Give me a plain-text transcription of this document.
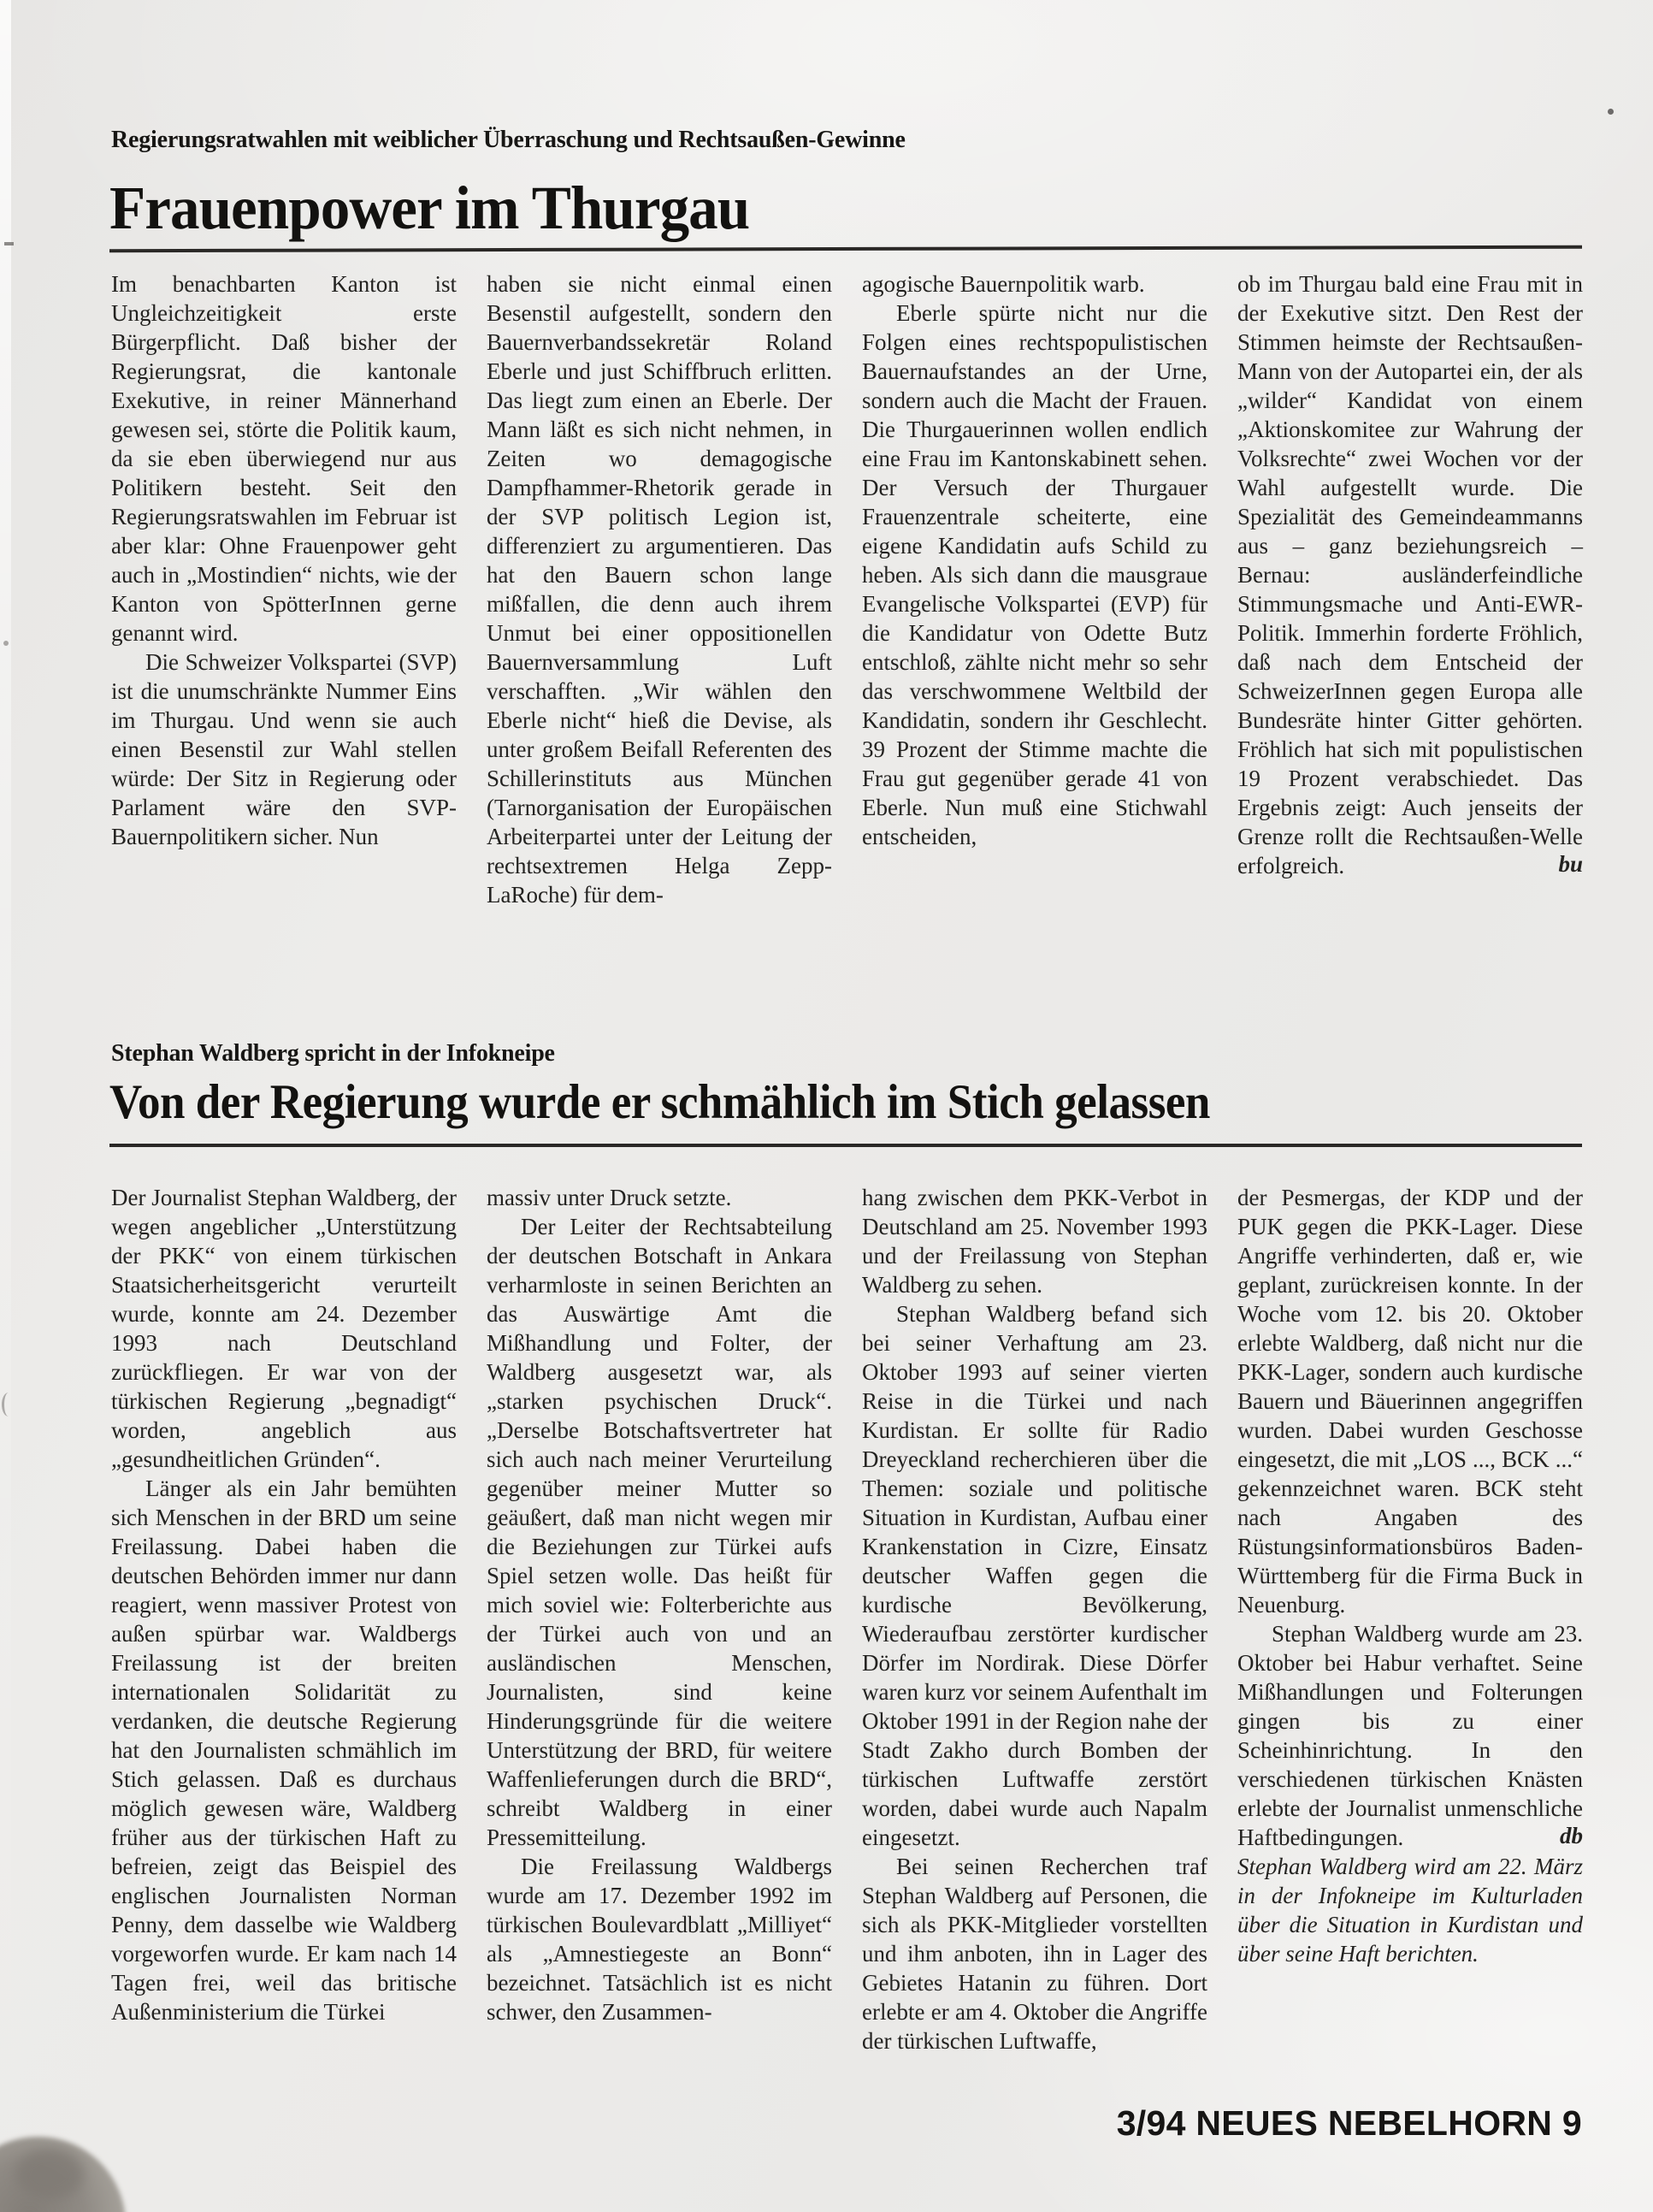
Regierungsratwahlen mit weiblicher Überraschung und Rechtsaußen-Gewinne
Frauenpower im Thurgau

Im benachbarten Kanton ist Ungleichzeitigkeit erste Bürgerpflicht. Daß bisher der Regierungsrat, die kantonale Exekutive, in reiner Männerhand gewesen sei, störte die Politik kaum, da sie eben überwiegend nur aus Politikern besteht. Seit den Regierungsratswahlen im Februar ist aber klar: Ohne Frauenpower geht auch in „Mostindien“ nichts, wie der Kanton von SpötterInnen gerne genannt wird.

Die Schweizer Volkspartei (SVP) ist die unumschränkte Nummer Eins im Thurgau. Und wenn sie auch einen Besenstil zur Wahl stellen würde: Der Sitz in Regierung oder Parlament wäre den SVP-Bauernpolitikern sicher. Nun

haben sie nicht einmal einen Besenstil aufgestellt, sondern den Bauernverbandssekretär Roland Eberle und just Schiffbruch erlitten. Das liegt zum einen an Eberle. Der Mann läßt es sich nicht nehmen, in Zeiten wo demagogische Dampfhammer-Rhetorik gerade in der SVP politisch Legion ist, differenziert zu argumentieren. Das hat den Bauern schon lange mißfallen, die denn auch ihrem Unmut bei einer oppositionellen Bauernversammlung Luft verschafften. „Wir wählen den Eberle nicht“ hieß die Devise, als unter großem Beifall Referenten des Schillerinstituts aus München (Tarnorganisation der Europäischen Arbeiterpartei unter der Leitung der rechtsextremen Helga Zepp-LaRoche) für dem-

agogische Bauernpolitik warb.

Eberle spürte nicht nur die Folgen eines rechtspopulistischen Bauernaufstandes an der Urne, sondern auch die Macht der Frauen. Die Thurgauerinnen wollen endlich eine Frau im Kantonskabinett sehen. Der Versuch der Thurgauer Frauenzentrale scheiterte, eine eigene Kandidatin aufs Schild zu heben. Als sich dann die mausgraue Evangelische Volkspartei (EVP) für die Kandidatur von Odette Butz entschloß, zählte nicht mehr so sehr das verschwommene Weltbild der Kandidatin, sondern ihr Geschlecht. 39 Prozent der Stimme machte die Frau gut gegenüber gerade 41 von Eberle. Nun muß eine Stichwahl entscheiden,

ob im Thurgau bald eine Frau mit in der Exekutive sitzt. Den Rest der Stimmen heimste der Rechtsaußen-Mann von der Autopartei ein, der als „wilder“ Kandidat von einem „Aktionskomitee zur Wahrung der Volksrechte“ zwei Wochen vor der Wahl aufgestellt wurde. Die Spezialität des Gemeindeammanns aus – ganz beziehungsreich – Bernau: ausländerfeindliche Stimmungsmache und Anti-EWR-Politik. Immerhin forderte Fröhlich, daß nach dem Entscheid der SchweizerInnen gegen Europa alle Bundesräte hinter Gitter gehörten. Fröhlich hat sich mit populistischen 19 Prozent verabschiedet. Das Ergebnis zeigt: Auch jenseits der Grenze rollt die Rechtsaußen-Welle erfolgreich.	bu

Stephan Waldberg spricht in der Infokneipe
Von der Regierung wurde er schmählich im Stich gelassen

Der Journalist Stephan Waldberg, der wegen angeblicher „Unterstützung der PKK“ von einem türkischen Staatsicherheitsgericht verurteilt wurde, konnte am 24. Dezember 1993 nach Deutschland zurückfliegen. Er war von der türkischen Regierung „begnadigt“ worden, angeblich aus „gesundheitlichen Gründen“.

Länger als ein Jahr bemühten sich Menschen in der BRD um seine Freilassung. Dabei haben die deutschen Behörden immer nur dann reagiert, wenn massiver Protest von außen spürbar war. Waldbergs Freilassung ist der breiten internationalen Solidarität zu verdanken, die deutsche Regierung hat den Journalisten schmählich im Stich gelassen. Daß es durchaus möglich gewesen wäre, Waldberg früher aus der türkischen Haft zu befreien, zeigt das Beispiel des englischen Journalisten Norman Penny, dem dasselbe wie Waldberg vorgeworfen wurde. Er kam nach 14 Tagen frei, weil das britische Außenministerium die Türkei

massiv unter Druck setzte.

Der Leiter der Rechtsabteilung der deutschen Botschaft in Ankara verharmloste in seinen Berichten an das Auswärtige Amt die Mißhandlung und Folter, der Waldberg ausgesetzt war, als „starken psychischen Druck“. „Derselbe Botschaftsvertreter hat sich auch nach meiner Verurteilung gegenüber meiner Mutter so geäußert, daß man nicht wegen mir die Beziehungen zur Türkei aufs Spiel setzen wolle. Das heißt für mich soviel wie: Folterberichte aus der Türkei auch von und an ausländischen Menschen, Journalisten, sind keine Hinderungsgründe für die weitere Unterstützung der BRD, für weitere Waffenlieferungen durch die BRD“, schreibt Waldberg in einer Pressemitteilung.

Die Freilassung Waldbergs wurde am 17. Dezember 1992 im türkischen Boulevardblatt „Milliyet“ als „Amnestiegeste an Bonn“ bezeichnet. Tatsächlich ist es nicht schwer, den Zusammen-

hang zwischen dem PKK-Verbot in Deutschland am 25. November 1993 und der Freilassung von Stephan Waldberg zu sehen.

Stephan Waldberg befand sich bei seiner Verhaftung am 23. Oktober 1993 auf seiner vierten Reise in die Türkei und nach Kurdistan. Er sollte für Radio Dreyeckland recherchieren über die Themen: soziale und politische Situation in Kurdistan, Aufbau einer Krankenstation in Cizre, Einsatz deutscher Waffen gegen die kurdische Bevölkerung, Wiederaufbau zerstörter kurdischer Dörfer im Nordirak. Diese Dörfer waren kurz vor seinem Aufenthalt im Oktober 1991 in der Region nahe der Stadt Zakho durch Bomben der türkischen Luftwaffe zerstört worden, dabei wurde auch Napalm eingesetzt.

Bei seinen Recherchen traf Stephan Waldberg auf Personen, die sich als PKK-Mitglieder vorstellten und ihm anboten, ihn in Lager des Gebietes Hatanin zu führen. Dort erlebte er am 4. Oktober die Angriffe der türkischen Luftwaffe,

der Pesmergas, der KDP und der PUK gegen die PKK-Lager. Diese Angriffe verhinderten, daß er, wie geplant, zurückreisen konnte. In der Woche vom 12. bis 20. Oktober erlebte Waldberg, daß nicht nur die PKK-Lager, sondern auch kurdische Bauern und Bäuerinnen angegriffen wurden. Dabei wurden Geschosse eingesetzt, die mit „LOS ..., BCK ...“ gekennzeichnet waren. BCK steht nach Angaben des Rüstungsinformationsbüros Baden-Württemberg für die Firma Buck in Neuenburg.

Stephan Waldberg wurde am 23. Oktober bei Habur verhaftet. Seine Mißhandlungen und Folterungen gingen bis zu einer Scheinhinrichtung. In den verschiedenen türkischen Knästen erlebte der Journalist unmenschliche Haftbedingungen.	db

Stephan Waldberg wird am 22. März in der Infokneipe im Kulturladen über die Situation in Kurdistan und über seine Haft berichten.

3/94 NEUES NEBELHORN 9
